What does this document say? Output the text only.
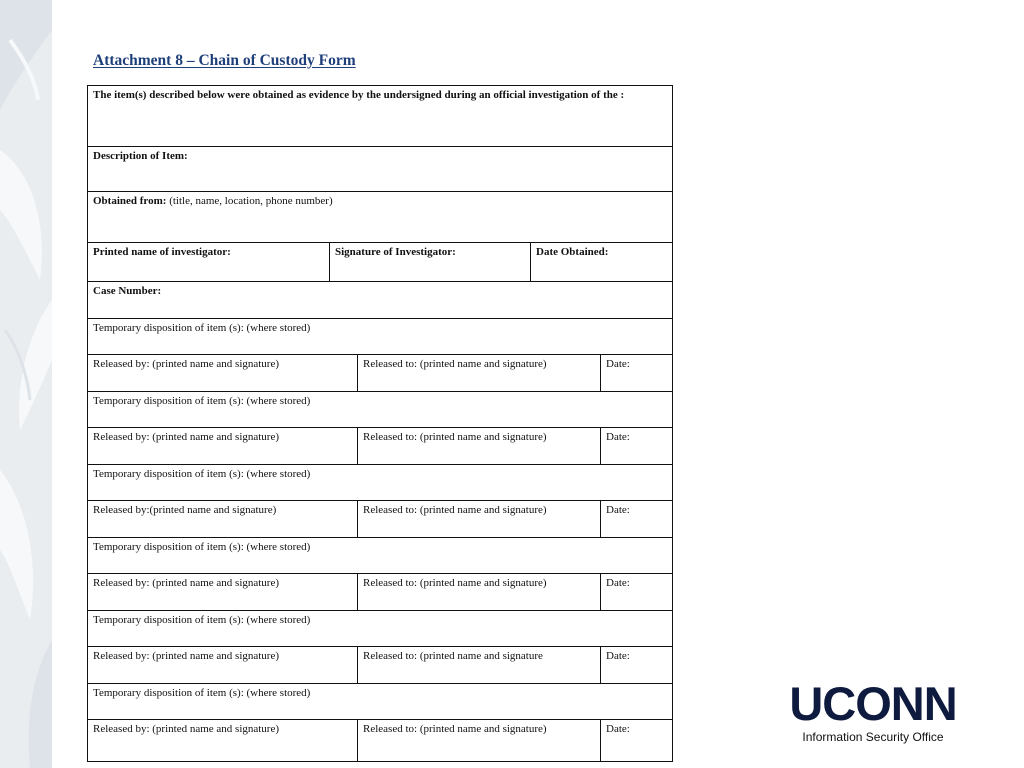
Attachment 8 – Chain of Custody Form
The item(s) described below were obtained as evidence by the undersigned during an official investigation of the :				
Description of Item:				
Obtained from: (title, name, location, phone number)				
Printed name of investigator:	Signature of Investigator:		Date Obtained:	
Case Number:				
Temporary disposition of item (s): (where stored)				
Released by: (printed name and signature)		Released to: (printed name and signature)		Date:
Temporary disposition of item (s): (where stored)				
Released by: (printed name and signature)		Released to: (printed name and signature)		Date:
Temporary disposition of item (s): (where stored)				
Released by:(printed name and signature)		Released to: (printed name and signature)		Date:
Temporary disposition of item (s): (where stored)				
Released by: (printed name and signature)		Released to: (printed name and signature)		Date:
Temporary disposition of item (s): (where stored)				
Released by: (printed name and signature)		Released to: (printed name and signature		Date:
Temporary disposition of item (s): (where stored)				
Released by: (printed name and signature)		Released to: (printed name and signature)		Date:	UCONN
Information Security Office
